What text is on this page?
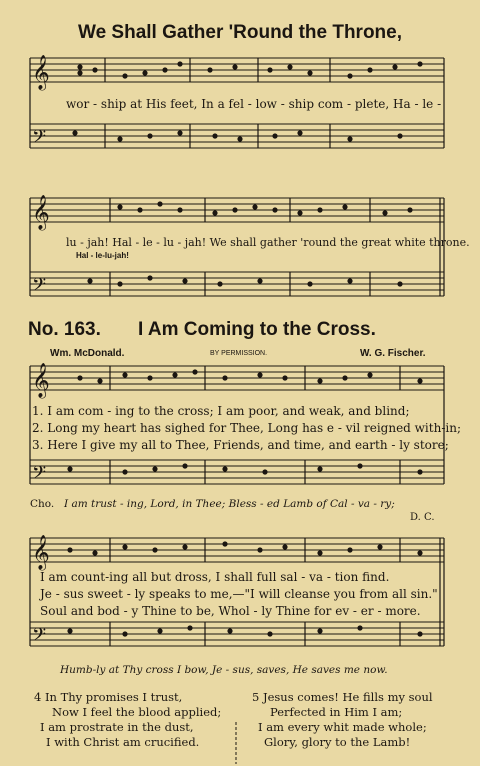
𝄞
𝄢
𝄞
𝄢
𝄞
𝄢
𝄞
𝄢
We Shall Gather 'Round the Throne,
wor - ship at His feet, In a fel - low - ship com - plete, Ha - le -
lu - jah! Hal - le - lu - jah! We shall gather 'round the great white throne.
Hal - le-lu-jah!
No. 163. I Am Coming to the Cross.
Wm. McDonald.	BY PERMISSION.	W. G. Fischer.
1. I am com - ing to the cross; I am poor, and weak, and blind;
2. Long my heart has sighed for Thee, Long has e - vil reigned with-in;
3. Here I give my all to Thee, Friends, and time, and earth - ly store;
Cho. I am trust - ing, Lord, in Thee; Bless - ed Lamb of Cal - va - ry;
D. C.
I am count-ing all but dross, I shall full sal - va - tion find.
Je - sus sweet - ly speaks to me,—"I will cleanse you from all sin."
Soul and bod - y Thine to be, Whol - ly Thine for ev - er - more.
Humb-ly at Thy cross I bow, Je - sus, saves, He saves me now.
4 In Thy promises I trust,
Now I feel the blood applied;
I am prostrate in the dust,
I with Christ am crucified.
5 Jesus comes! He fills my soul
Perfected in Him I am;
I am every whit made whole;
Glory, glory to the Lamb!
